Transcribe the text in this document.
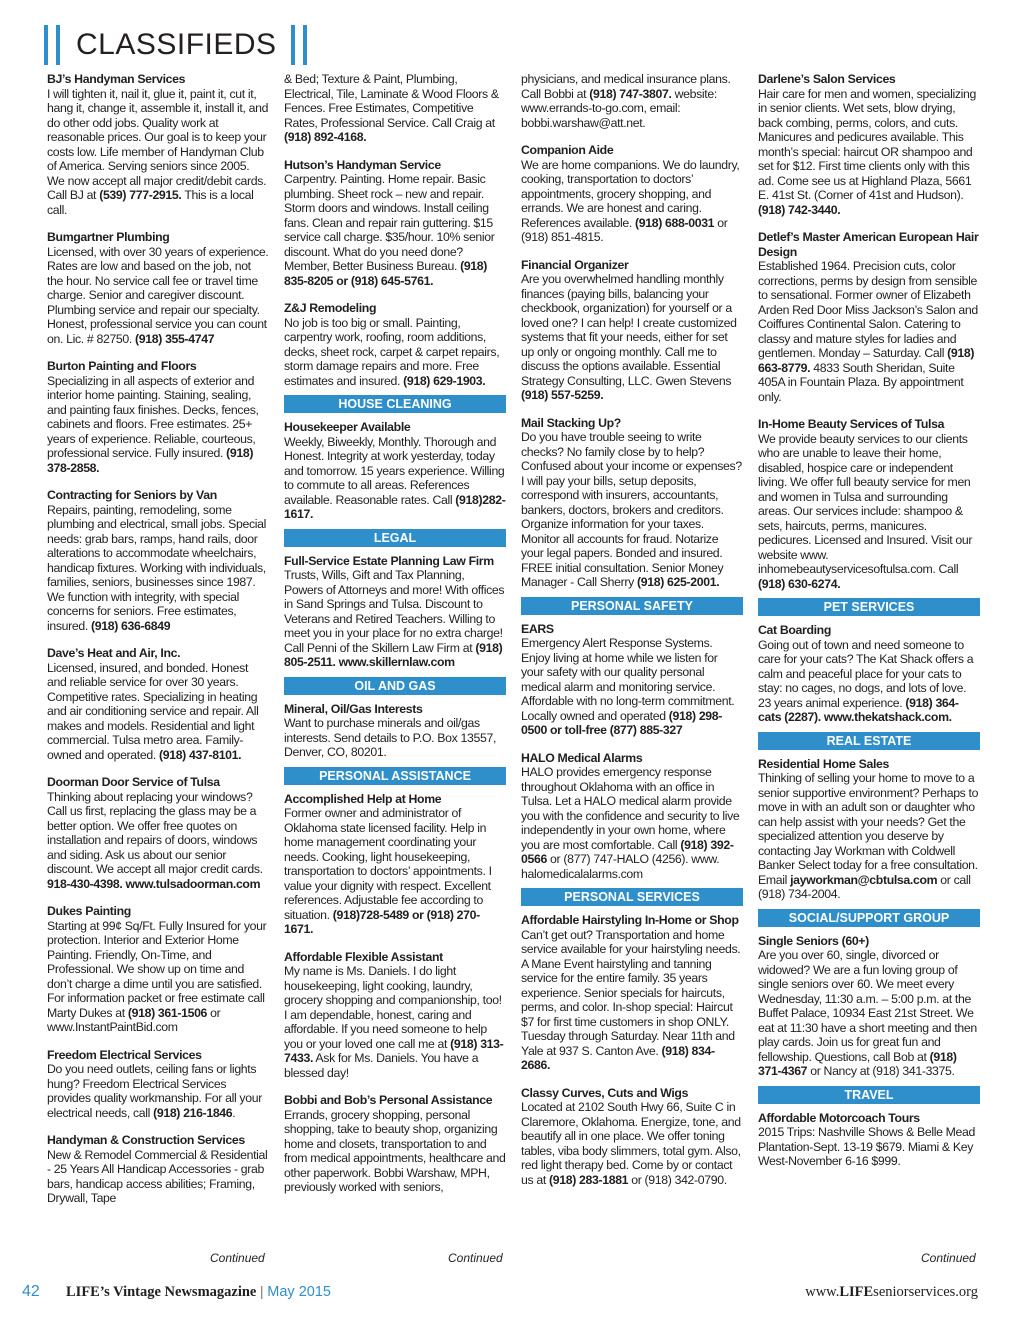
CLASSIFIEDS
BJ’s Handyman Services
I will tighten it, nail it, glue it, paint it, cut it, hang it, change it, assemble it, install it, and do other odd jobs. Quality work at reasonable prices. Our goal is to keep your costs low. Life member of Handyman Club of America. Serving seniors since 2005. We now accept all major credit/debit cards. Call BJ at (539) 777-2915. This is a local call.
Bumgartner Plumbing
Licensed, with over 30 years of experience. Rates are low and based on the job, not the hour. No service call fee or travel time charge. Senior and caregiver discount. Plumbing service and repair our specialty. Honest, professional service you can count on. Lic. # 82750. (918) 355-4747
Burton Painting and Floors
Specializing in all aspects of exterior and interior home painting. Staining, sealing, and painting faux finishes. Decks, fences, cabinets and floors. Free estimates. 25+ years of experience. Reliable, courteous, professional service. Fully insured. (918) 378-2858.
Contracting for Seniors by Van
Repairs, painting, remodeling, some plumbing and electrical, small jobs. Special needs: grab bars, ramps, hand rails, door alterations to accommodate wheelchairs, handicap fixtures. Working with individuals, families, seniors, businesses since 1987. We function with integrity, with special concerns for seniors. Free estimates, insured. (918) 636-6849
Dave’s Heat and Air, Inc.
Licensed, insured, and bonded. Honest and reliable service for over 30 years. Competitive rates. Specializing in heating and air conditioning service and repair. All makes and models. Residential and light commercial. Tulsa metro area. Family-owned and operated. (918) 437-8101.
Doorman Door Service of Tulsa
Thinking about replacing your windows? Call us first, replacing the glass may be a better option. We offer free quotes on installation and repairs of doors, windows and siding. Ask us about our senior discount. We accept all major credit cards. 918-430-4398. www.tulsadoorman.com
Dukes Painting
Starting at 99¢ Sq/Ft. Fully Insured for your protection. Interior and Exterior Home Painting. Friendly, On-Time, and Professional. We show up on time and don’t charge a dime until you are satisfied. For information packet or free estimate call Marty Dukes at (918) 361-1506 or www.InstantPaintBid.com
Freedom Electrical Services
Do you need outlets, ceiling fans or lights hung? Freedom Electrical Services provides quality workmanship. For all your electrical needs, call (918) 216-1846.
Handyman & Construction Services
New & Remodel Commercial & Residential - 25 Years All Handicap Accessories - grab bars, handicap access abilities; Framing, Drywall, Tape
& Bed; Texture & Paint, Plumbing, Electrical, Tile, Laminate & Wood Floors & Fences. Free Estimates, Competitive Rates, Professional Service. Call Craig at (918) 892-4168.
Hutson’s Handyman Service
Carpentry. Painting. Home repair. Basic plumbing. Sheet rock – new and repair. Storm doors and windows. Install ceiling fans. Clean and repair rain guttering. $15 service call charge. $35/hour. 10% senior discount. What do you need done? Member, Better Business Bureau. (918) 835-8205 or (918) 645-5761.
Z&J Remodeling
No job is too big or small. Painting, carpentry work, roofing, room additions, decks, sheet rock, carpet & carpet repairs, storm damage repairs and more. Free estimates and insured. (918) 629-1903.
HOUSE CLEANING
Housekeeper Available
Weekly, Biweekly, Monthly. Thorough and Honest. Integrity at work yesterday, today and tomorrow. 15 years experience. Willing to commute to all areas. References available. Reasonable rates. Call (918)282-1617.
LEGAL
Full-Service Estate Planning Law Firm
Trusts, Wills, Gift and Tax Planning, Powers of Attorneys and more! With offices in Sand Springs and Tulsa. Discount to Veterans and Retired Teachers. Willing to meet you in your place for no extra charge! Call Penni of the Skillern Law Firm at (918) 805-2511. www.skillernlaw.com
OIL AND GAS
Mineral, Oil/Gas Interests
Want to purchase minerals and oil/gas interests. Send details to P.O. Box 13557, Denver, CO, 80201.
PERSONAL ASSISTANCE
Accomplished Help at Home
Former owner and administrator of Oklahoma state licensed facility. Help in home management coordinating your needs. Cooking, light housekeeping, transportation to doctors’ appointments. I value your dignity with respect. Excellent references. Adjustable fee according to situation. (918)728-5489 or (918) 270-1671.
Affordable Flexible Assistant
My name is Ms. Daniels. I do light housekeeping, light cooking, laundry, grocery shopping and companionship, too! I am dependable, honest, caring and affordable. If you need someone to help you or your loved one call me at (918) 313-7433. Ask for Ms. Daniels. You have a blessed day!
Bobbi and Bob’s Personal Assistance
Errands, grocery shopping, personal shopping, take to beauty shop, organizing home and closets, transportation to and from medical appointments, healthcare and other paperwork. Bobbi Warshaw, MPH, previously worked with seniors,
physicians, and medical insurance plans. Call Bobbi at (918) 747-3807. website: www.errands-to-go.com, email: bobbi.warshaw@att.net.
Companion Aide
We are home companions. We do laundry, cooking, transportation to doctors’ appointments, grocery shopping, and errands. We are honest and caring. References available. (918) 688-0031 or (918) 851-4815.
Financial Organizer
Are you overwhelmed handling monthly finances (paying bills, balancing your checkbook, organization) for yourself or a loved one? I can help! I create customized systems that fit your needs, either for set up only or ongoing monthly. Call me to discuss the options available. Essential Strategy Consulting, LLC. Gwen Stevens (918) 557-5259.
Mail Stacking Up?
Do you have trouble seeing to write checks? No family close by to help? Confused about your income or expenses? I will pay your bills, setup deposits, correspond with insurers, accountants, bankers, doctors, brokers and creditors. Organize information for your taxes. Monitor all accounts for fraud. Notarize your legal papers. Bonded and insured. FREE initial consultation. Senior Money Manager - Call Sherry (918) 625-2001.
PERSONAL SAFETY
EARS
Emergency Alert Response Systems. Enjoy living at home while we listen for your safety with our quality personal medical alarm and monitoring service. Affordable with no long-term commitment. Locally owned and operated (918) 298-0500 or toll-free (877) 885-327
HALO Medical Alarms
HALO provides emergency response throughout Oklahoma with an office in Tulsa. Let a HALO medical alarm provide you with the confidence and security to live independently in your own home, where you are most comfortable. Call (918) 392-0566 or (877) 747-HALO (4256). www. halomedicalalarms.com
PERSONAL SERVICES
Affordable Hairstyling In-Home or Shop
Can’t get out? Transportation and home service available for your hairstyling needs. A Mane Event hairstyling and tanning service for the entire family. 35 years experience. Senior specials for haircuts, perms, and color. In-shop special: Haircut $7 for first time customers in shop ONLY. Tuesday through Saturday. Near 11th and Yale at 937 S. Canton Ave. (918) 834-2686.
Classy Curves, Cuts and Wigs
Located at 2102 South Hwy 66, Suite C in Claremore, Oklahoma. Energize, tone, and beautify all in one place. We offer toning tables, viba body slimmers, total gym. Also, red light therapy bed. Come by or contact us at (918) 283-1881 or (918) 342-0790.
Darlene’s Salon Services
Hair care for men and women, specializing in senior clients. Wet sets, blow drying, back combing, perms, colors, and cuts. Manicures and pedicures available. This month’s special: haircut OR shampoo and set for $12. First time clients only with this ad. Come see us at Highland Plaza, 5661 E. 41st St. (Corner of 41st and Hudson). (918) 742-3440.
Detlef’s Master American European Hair Design
Established 1964. Precision cuts, color corrections, perms by design from sensible to sensational. Former owner of Elizabeth Arden Red Door Miss Jackson’s Salon and Coiffures Continental Salon. Catering to classy and mature styles for ladies and gentlemen. Monday – Saturday. Call (918) 663-8779. 4833 South Sheridan, Suite 405A in Fountain Plaza. By appointment only.
In-Home Beauty Services of Tulsa
We provide beauty services to our clients who are unable to leave their home, disabled, hospice care or independent living. We offer full beauty service for men and women in Tulsa and surrounding areas. Our services include: shampoo & sets, haircuts, perms, manicures. pedicures. Licensed and Insured. Visit our website www. inhomebeautyservicesoftulsa.com. Call (918) 630-6274.
PET SERVICES
Cat Boarding
Going out of town and need someone to care for your cats? The Kat Shack offers a calm and peaceful place for your cats to stay: no cages, no dogs, and lots of love. 23 years animal experience. (918) 364-cats (2287). www.thekatshack.com.
REAL ESTATE
Residential Home Sales
Thinking of selling your home to move to a senior supportive environment? Perhaps to move in with an adult son or daughter who can help assist with your needs? Get the specialized attention you deserve by contacting Jay Workman with Coldwell Banker Select today for a free consultation. Email jayworkman@cbtulsa.com or call (918) 734-2004.
SOCIAL/SUPPORT GROUP
Single Seniors (60+)
Are you over 60, single, divorced or widowed? We are a fun loving group of single seniors over 60. We meet every Wednesday, 11:30 a.m. – 5:00 p.m. at the Buffet Palace, 10934 East 21st Street. We eat at 11:30 have a short meeting and then play cards. Join us for great fun and fellowship. Questions, call Bob at (918) 371-4367 or Nancy at (918) 341-3375.
TRAVEL
Affordable Motorcoach Tours
2015 Trips: Nashville Shows & Belle Mead Plantation-Sept. 13-19 $679. Miami & Key West-November 6-16 $999.
Continued	Continued	Continued
42 LIFE’s Vintage Newsmagazine | May 2015	www.LIFEseniorservices.org
